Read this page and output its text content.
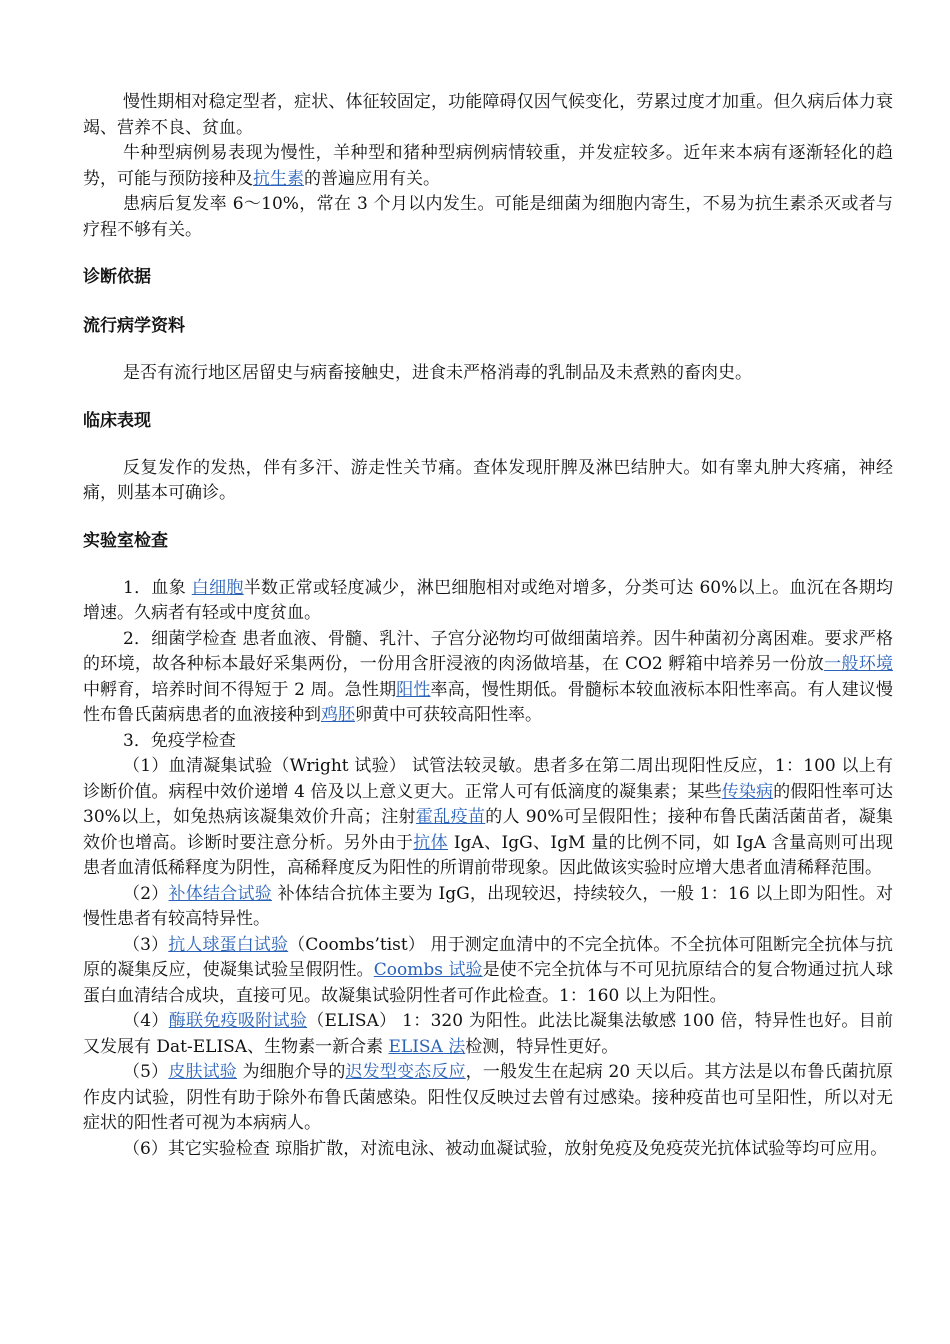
慢性期相对稳定型者，症状、体征较固定，功能障碍仅因气候变化，劳累过度才加重。但久病后体力衰竭、营养不良、贫血。

牛种型病例易表现为慢性，羊种型和猪种型病例病情较重，并发症较多。近年来本病有逐渐轻化的趋势，可能与预防接种及抗生素的普遍应用有关。

患病后复发率 6～10%，常在 3 个月以内发生。可能是细菌为细胞内寄生，不易为抗生素杀灭或者与疗程不够有关。

诊断依据

流行病学资料

是否有流行地区居留史与病畜接触史，进食未严格消毒的乳制品及未煮熟的畜肉史。

临床表现

反复发作的发热，伴有多汗、游走性关节痛。查体发现肝脾及淋巴结肿大。如有睾丸肿大疼痛，神经痛，则基本可确诊。

实验室检查

1．血象 白细胞半数正常或轻度减少，淋巴细胞相对或绝对增多，分类可达 60%以上。血沉在各期均增速。久病者有轻或中度贫血。

2．细菌学检查 患者血液、骨髓、乳汁、子宫分泌物均可做细菌培养。因牛种菌初分离困难。要求严格的环境，故各种标本最好采集两份，一份用含肝浸液的肉汤做培基，在 CO2 孵箱中培养另一份放一般环境中孵育，培养时间不得短于 2 周。急性期阳性率高，慢性期低。骨髓标本较血液标本阳性率高。有人建议慢性布鲁氏菌病患者的血液接种到鸡胚卵黄中可获较高阳性率。

3．免疫学检查

（1）血清凝集试验（Wright 试验） 试管法较灵敏。患者多在第二周出现阳性反应，1：100 以上有诊断价值。病程中效价递增 4 倍及以上意义更大。正常人可有低滴度的凝集素；某些传染病的假阳性率可达 30%以上，如兔热病该凝集效价升高；注射霍乱疫苗的人 90%可呈假阳性；接种布鲁氏菌活菌苗者，凝集效价也增高。诊断时要注意分析。另外由于抗体 IgA、IgG、IgM 量的比例不同，如 IgA 含量高则可出现患者血清低稀释度为阴性，高稀释度反为阳性的所谓前带现象。因此做该实验时应增大患者血清稀释范围。

（2）补体结合试验 补体结合抗体主要为 IgG，出现较迟，持续较久，一般 1：16 以上即为阳性。对慢性患者有较高特异性。

（3）抗人球蛋白试验（Coombs’tist） 用于测定血清中的不完全抗体。不全抗体可阻断完全抗体与抗原的凝集反应，使凝集试验呈假阴性。Coombs 试验是使不完全抗体与不可见抗原结合的复合物通过抗人球蛋白血清结合成块，直接可见。故凝集试验阴性者可作此检查。1：160 以上为阳性。

（4）酶联免疫吸附试验（ELISA） 1：320 为阳性。此法比凝集法敏感 100 倍，特异性也好。目前又发展有 Dat-ELISA、生物素一新合素 ELISA 法检测，特异性更好。

（5）皮肤试验 为细胞介导的迟发型变态反应，一般发生在起病 20 天以后。其方法是以布鲁氏菌抗原作皮内试验，阴性有助于除外布鲁氏菌感染。阳性仅反映过去曾有过感染。接种疫苗也可呈阳性，所以对无症状的阳性者可视为本病病人。

（6）其它实验检查 琼脂扩散，对流电泳、被动血凝试验，放射免疫及免疫荧光抗体试验等均可应用。
